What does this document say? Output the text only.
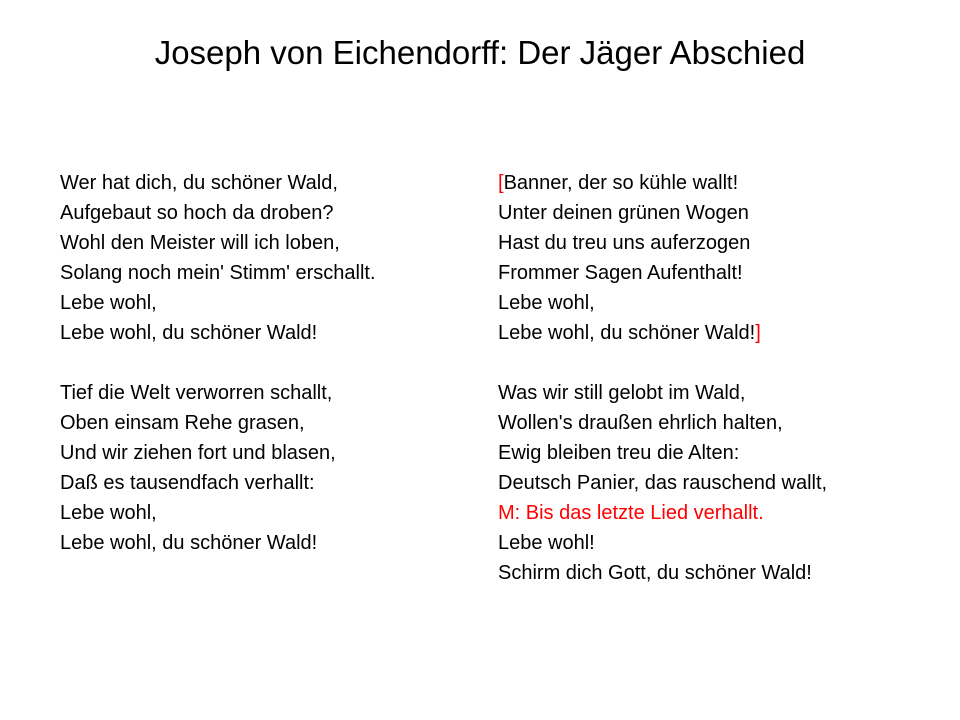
Joseph von Eichendorff: Der Jäger Abschied
Wer hat dich, du schöner Wald,
Aufgebaut so hoch da droben?
Wohl den Meister will ich loben,
Solang noch mein' Stimm' erschallt.
Lebe wohl,
Lebe wohl, du schöner Wald!
Tief die Welt verworren schallt,
Oben einsam Rehe grasen,
Und wir ziehen fort und blasen,
Daß es tausendfach verhallt:
Lebe wohl,
Lebe wohl, du schöner Wald!
[Banner, der so kühle wallt!
Unter deinen grünen Wogen
Hast du treu uns auferzogen
Frommer Sagen Aufenthalt!
Lebe wohl,
Lebe wohl, du schöner Wald!]
Was wir still gelobt im Wald,
Wollen's draußen ehrlich halten,
Ewig bleiben treu die Alten:
Deutsch Panier, das rauschend wallt,
M: Bis das letzte Lied verhallt.
Lebe wohl!
Schirm dich Gott, du schöner Wald!
